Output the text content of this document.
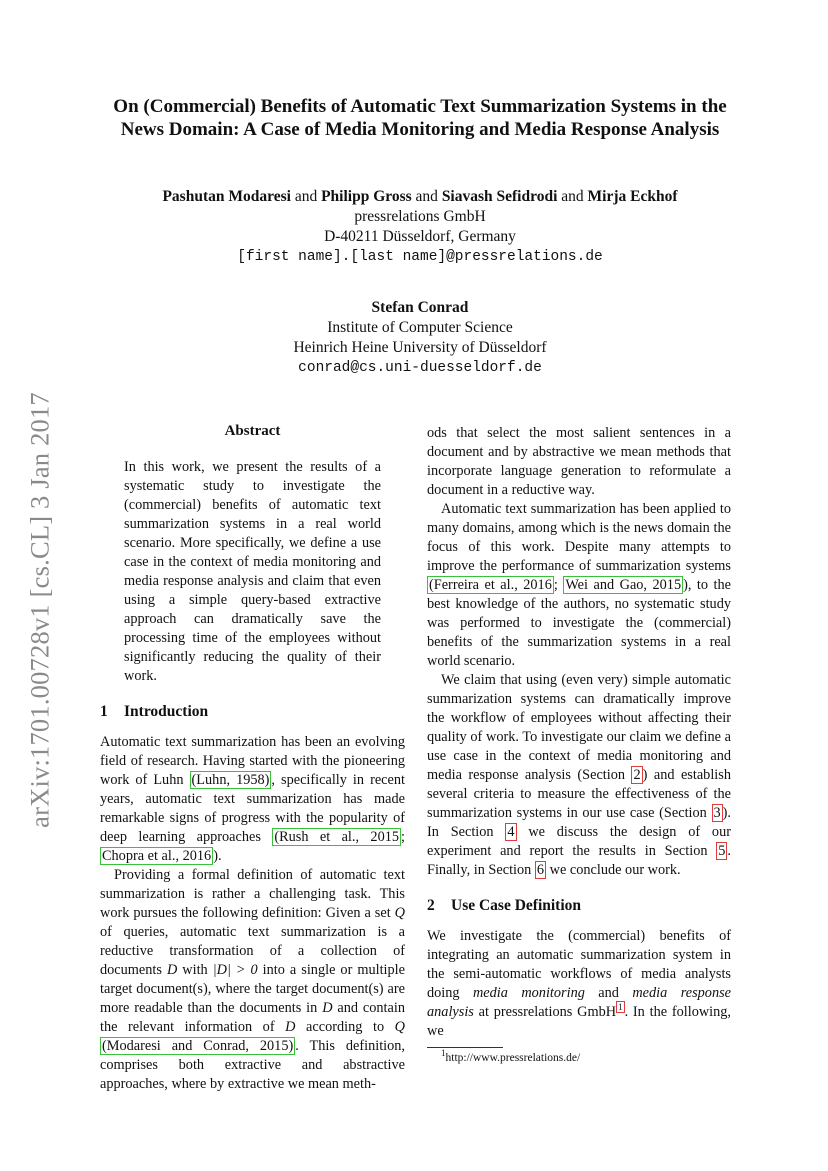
arXiv:1701.00728v1 [cs.CL] 3 Jan 2017
On (Commercial) Benefits of Automatic Text Summarization Systems in the News Domain: A Case of Media Monitoring and Media Response Analysis
Pashutan Modaresi and Philipp Gross and Siavash Sefidrodi and Mirja Eckhof
pressrelations GmbH
D-40211 Düsseldorf, Germany
[first name].[last name]@pressrelations.de
Stefan Conrad
Institute of Computer Science
Heinrich Heine University of Düsseldorf
conrad@cs.uni-duesseldorf.de
Abstract
In this work, we present the results of a systematic study to investigate the (commercial) benefits of automatic text summarization systems in a real world scenario. More specifically, we define a use case in the context of media monitoring and media response analysis and claim that even using a simple query-based extractive approach can dramatically save the processing time of the employees without significantly reducing the quality of their work.
1 Introduction

Automatic text summarization has been an evolving field of research. Having started with the pioneering work of Luhn (Luhn, 1958) , specifically in recent years, automatic text summarization has made remarkable signs of progress with the popularity of deep learning approaches (Rush et al., 2015 ; Chopra et al., 2016 ).

Providing a formal definition of automatic text summarization is rather a challenging task. This work pursues the following definition: Given a set Q of queries, automatic text summarization is a reductive transformation of a collection of documents D with |D| > 0 into a single or multiple target document(s), where the target document(s) are more readable than the documents in D and contain the relevant information of D according to Q (Modaresi and Conrad, 2015) . This definition, comprises both extractive and abstractive approaches, where by extractive we mean meth-

ods that select the most salient sentences in a document and by abstractive we mean methods that incorporate language generation to reformulate a document in a reductive way.

Automatic text summarization has been applied to many domains, among which is the news domain the focus of this work. Despite many attempts to improve the performance of summarization systems (Ferreira et al., 2016 ; Wei and Gao, 2015 ), to the best knowledge of the authors, no systematic study was performed to investigate the (commercial) benefits of the summarization systems in a real world scenario.

We claim that using (even very) simple automatic summarization systems can dramatically improve the workflow of employees without affecting their quality of work. To investigate our claim we define a use case in the context of media monitoring and media response analysis (Section 2 ) and establish several criteria to measure the effectiveness of the summarization systems in our use case (Section 3 ). In Section 4 we discuss the design of our experiment and report the results in Section 5 . Finally, in Section 6 we conclude our work.

2 Use Case Definition

We investigate the (commercial) benefits of integrating an automatic summarization system in the semi-automatic workflows of media analysts doing media monitoring and media response analysis at pressrelations GmbH $^1$ . In the following, we

$^1$http://www.pressrelations.de/
